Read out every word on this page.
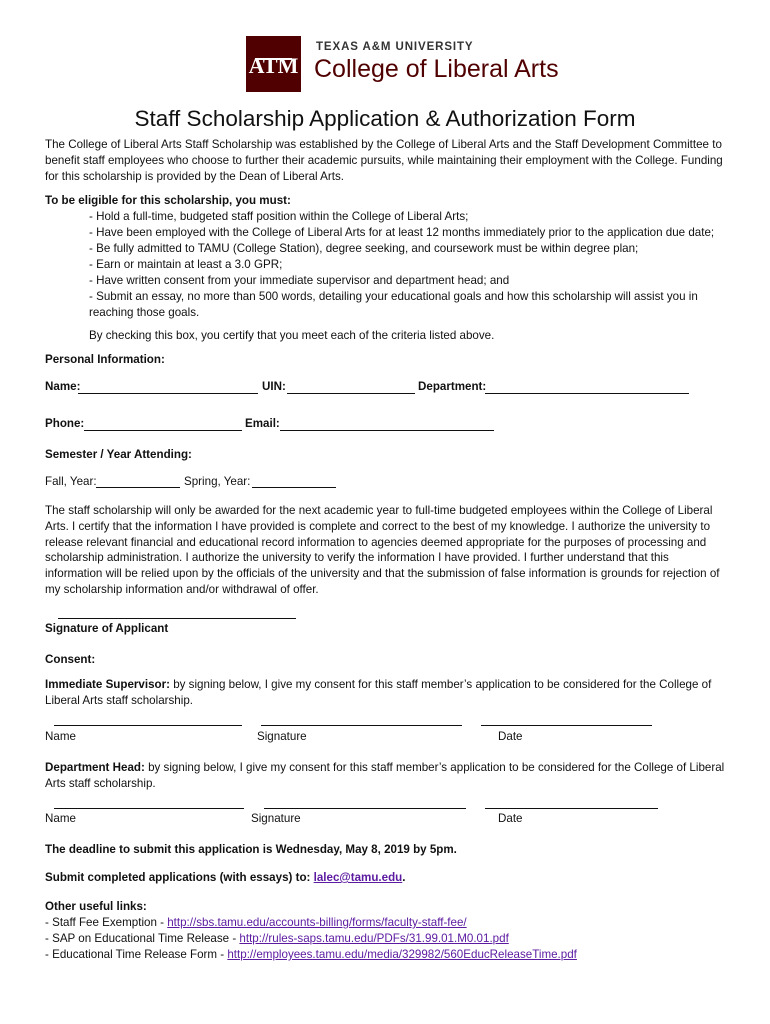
ATM
TEXAS A&M UNIVERSITY
College of Liberal Arts
Staff Scholarship Application & Authorization Form
The College of Liberal Arts Staff Scholarship was established by the College of Liberal Arts and the Staff Development Committee to
benefit staff employees who choose to further their academic pursuits, while maintaining their employment with the College. Funding
for this scholarship is provided by the Dean of Liberal Arts.
To be eligible for this scholarship, you must:
- Hold a full-time, budgeted staff position within the College of Liberal Arts;
- Have been employed with the College of Liberal Arts for at least 12 months immediately prior to the application due date;
- Be fully admitted to TAMU (College Station), degree seeking, and coursework must be within degree plan;
- Earn or maintain at least a 3.0 GPR;
- Have written consent from your immediate supervisor and department head; and
- Submit an essay, no more than 500 words, detailing your educational goals and how this scholarship will assist you in
reaching those goals.
By checking this box, you certify that you meet each of the criteria listed above.
Personal Information:
Name:	UIN:	Department:
Phone:	Email:
Semester / Year Attending:
Fall, Year:	Spring, Year:
The staff scholarship will only be awarded for the next academic year to full-time budgeted employees within the College of Liberal
Arts. I certify that the information I have provided is complete and correct to the best of my knowledge. I authorize the university to
release relevant financial and educational record information to agencies deemed appropriate for the purposes of processing and
scholarship administration. I authorize the university to verify the information I have provided. I further understand that this
information will be relied upon by the officials of the university and that the submission of false information is grounds for rejection of
my scholarship information and/or withdrawal of offer.
Signature of Applicant
Consent:
Immediate Supervisor: by signing below, I give my consent for this staff member’s application to be considered for the College of
Liberal Arts staff scholarship.
Name	Signature	Date
Department Head: by signing below, I give my consent for this staff member’s application to be considered for the College of Liberal
Arts staff scholarship.
Name	Signature	Date
The deadline to submit this application is Wednesday, May 8, 2019 by 5pm.
Submit completed applications (with essays) to: lalec@tamu.edu.
Other useful links:
- Staff Fee Exemption - http://sbs.tamu.edu/accounts-billing/forms/faculty-staff-fee/
- SAP on Educational Time Release - http://rules-saps.tamu.edu/PDFs/31.99.01.M0.01.pdf
- Educational Time Release Form - http://employees.tamu.edu/media/329982/560EducReleaseTime.pdf
